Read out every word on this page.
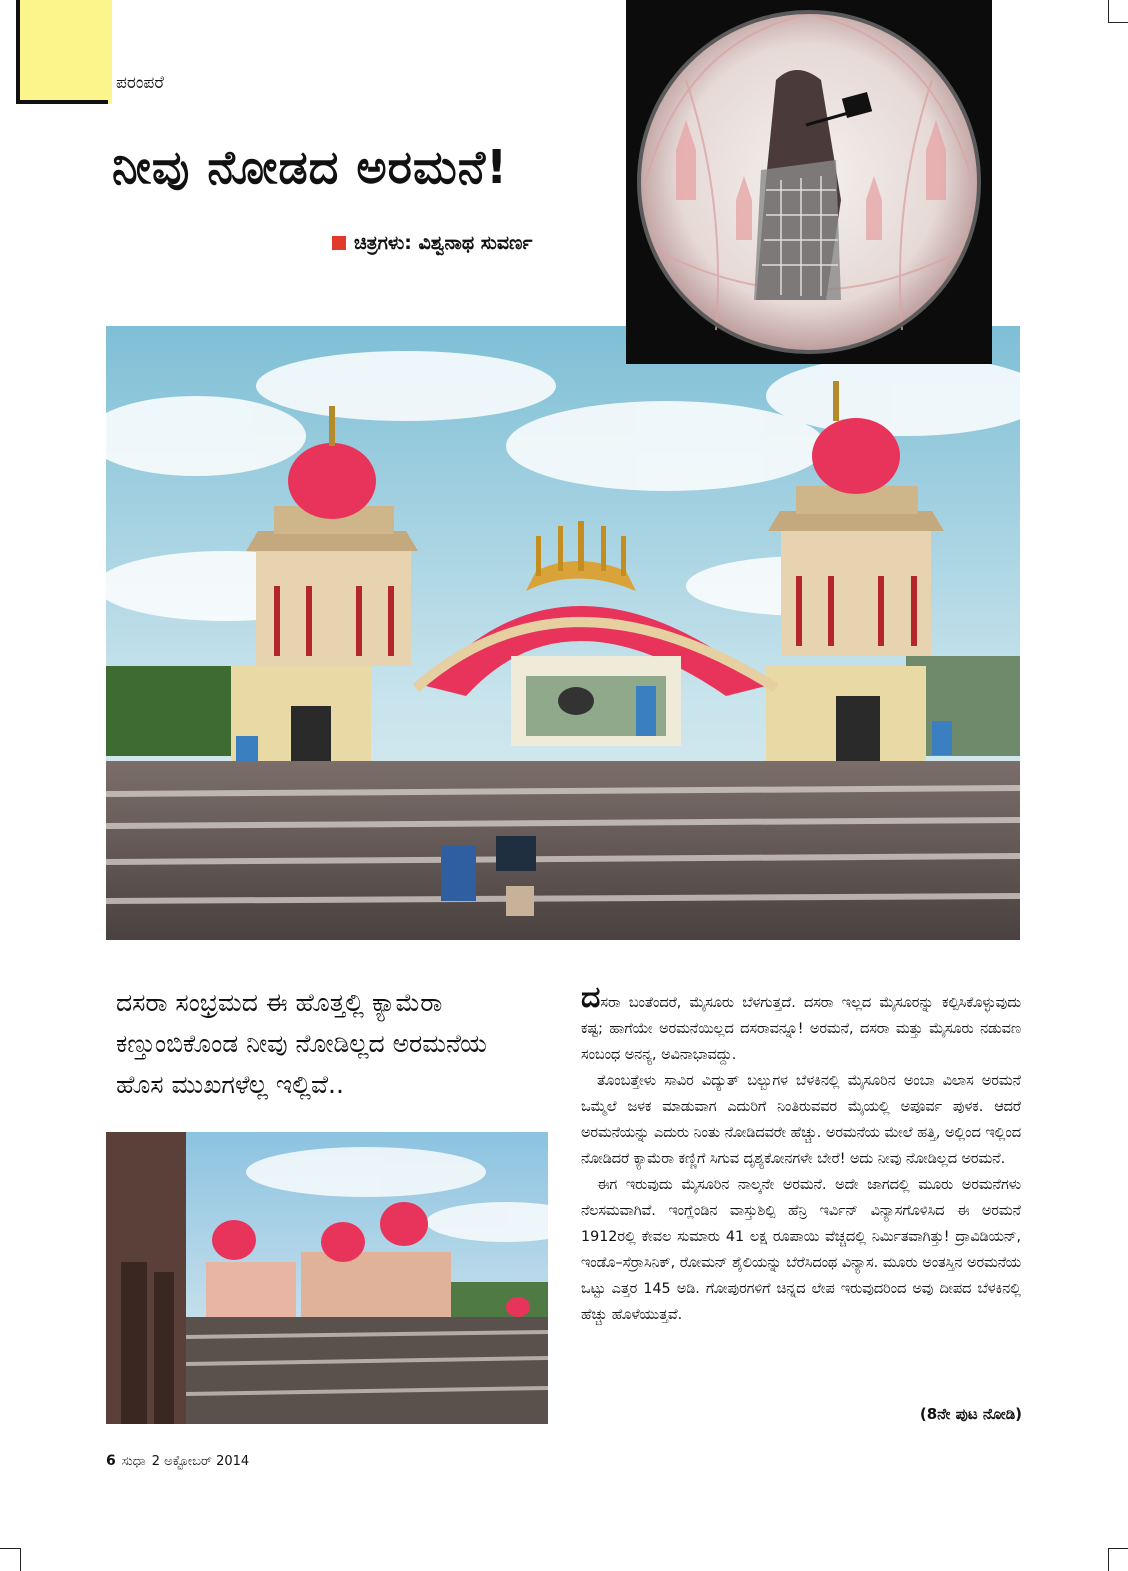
ಪರಂಪರೆ
ನೀವು ನೋಡದ ಅರಮನೆ!
ಚಿತ್ರಗಳು: ವಿಶ್ವನಾಥ ಸುವರ್ಣ
ದಸರಾ ಸಂಭ್ರಮದ ಈ ಹೊತ್ತಲ್ಲಿ ಕ್ಯಾಮೆರಾ ಕಣ್ತುಂಬಿಕೊಂಡ ನೀವು ನೋಡಿಲ್ಲದ ಅರಮನೆಯ ಹೊಸ ಮುಖಗಳೆಲ್ಲ ಇಲ್ಲಿವೆ..

ದಸರಾ ಬಂತೆಂದರೆ, ಮೈಸೂರು ಬೆಳಗುತ್ತದೆ. ದಸರಾ ಇಲ್ಲದ ಮೈಸೂರನ್ನು ಕಲ್ಪಿಸಿಕೊಳ್ಳುವುದು ಕಷ್ಟ; ಹಾಗೆಯೇ ಅರಮನೆಯಿಲ್ಲದ ದಸರಾವನ್ನೂ! ಅರಮನೆ, ದಸರಾ ಮತ್ತು ಮೈಸೂರು ನಡುವಣ ಸಂಬಂಧ ಅನನ್ಯ, ಅವಿನಾಭಾವದ್ದು.

ತೊಂಬತ್ತೇಳು ಸಾವಿರ ವಿದ್ಯುತ್ ಬಲ್ಬುಗಳ ಬೆಳಕಿನಲ್ಲಿ ಮೈಸೂರಿನ ಅಂಬಾ ವಿಲಾಸ ಅರಮನೆ ಒಮ್ಮೆಲೆ ಜಳಕ ಮಾಡುವಾಗ ಎದುರಿಗೆ ನಿಂತಿರುವವರ ಮೈಯಲ್ಲಿ ಅಪೂರ್ವ ಪುಳಕ. ಆದರೆ ಅರಮನೆಯನ್ನು ಎದುರು ನಿಂತು ನೋಡಿದವರೇ ಹೆಚ್ಚು. ಅರಮನೆಯ ಮೇಲೆ ಹತ್ತಿ, ಅಲ್ಲಿಂದ ಇಲ್ಲಿಂದ ನೋಡಿದರೆ ಕ್ಯಾಮೆರಾ ಕಣ್ಣಿಗೆ ಸಿಗುವ ದೃಶ್ಯಕೋನಗಳೇ ಬೇರೆ! ಅದು ನೀವು ನೋಡಿಲ್ಲದ ಅರಮನೆ.

ಈಗ ಇರುವುದು ಮೈಸೂರಿನ ನಾಲ್ಕನೇ ಅರಮನೆ. ಅದೇ ಜಾಗದಲ್ಲಿ ಮೂರು ಅರಮನೆಗಳು ನೆಲಸಮವಾಗಿವೆ. ಇಂಗ್ಲೆಂಡಿನ ವಾಸ್ತುಶಿಲ್ಪಿ ಹೆನ್ರಿ ಇರ್ವಿನ್ ವಿನ್ಯಾಸಗೊಳಿಸಿದ ಈ ಅರಮನೆ 1912ರಲ್ಲಿ ಕೇವಲ ಸುಮಾರು 41 ಲಕ್ಷ ರೂಪಾಯಿ ವೆಚ್ಚದಲ್ಲಿ ನಿರ್ಮಿತವಾಗಿತ್ತು! ದ್ರಾವಿಡಿಯನ್, ಇಂಡೊ–ಸೆರ್ರಾಸಿನಿಕ್, ರೋಮನ್ ಶೈಲಿಯನ್ನು ಬೆರೆಸಿದಂಥ ವಿನ್ಯಾಸ. ಮೂರು ಅಂತಸ್ತಿನ ಅರಮನೆಯ ಒಟ್ಟು ಎತ್ತರ 145 ಅಡಿ. ಗೋಪುರಗಳಿಗೆ ಚಿನ್ನದ ಲೇಪ ಇರುವುದರಿಂದ ಅವು ದೀಪದ ಬೆಳಕಿನಲ್ಲಿ ಹೆಚ್ಚು ಹೊಳೆಯುತ್ತವೆ.

(8ನೇ ಪುಟ ನೋಡಿ)
6 ಸುಧಾ 2 ಅಕ್ಟೋಬರ್ 2014
